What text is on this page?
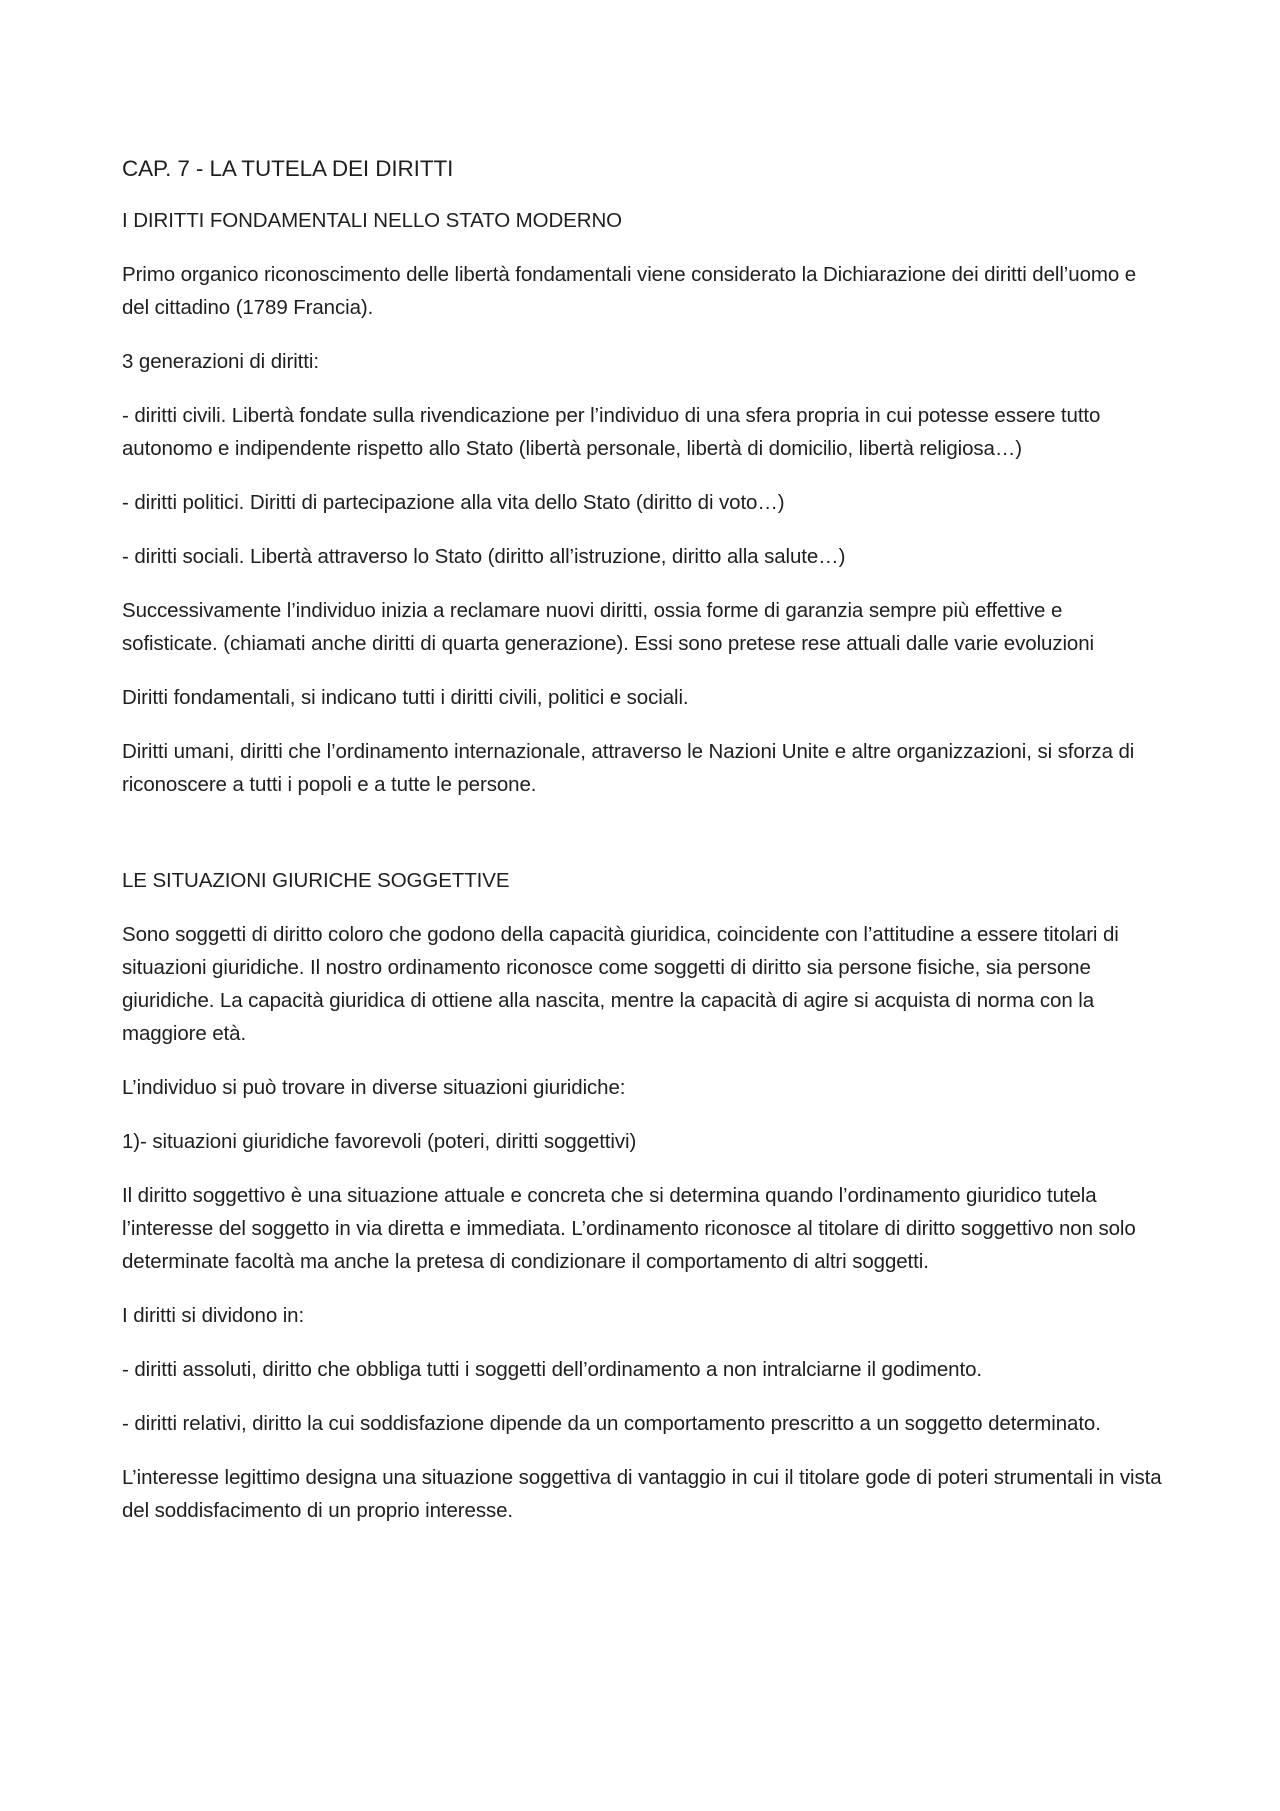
CAP. 7 - LA TUTELA DEI DIRITTI

I DIRITTI FONDAMENTALI NELLO STATO MODERNO

Primo organico riconoscimento delle libertà fondamentali viene considerato la Dichiarazione dei diritti dell’uomo e del cittadino (1789 Francia).

3 generazioni di diritti:

- diritti civili. Libertà fondate sulla rivendicazione per l’individuo di una sfera propria in cui potesse essere tutto autonomo e indipendente rispetto allo Stato (libertà personale, libertà di domicilio, libertà religiosa…)

- diritti politici. Diritti di partecipazione alla vita dello Stato (diritto di voto…)

- diritti sociali. Libertà attraverso lo Stato (diritto all’istruzione, diritto alla salute…)

Successivamente l’individuo inizia a reclamare nuovi diritti, ossia forme di garanzia sempre più effettive e sofisticate. (chiamati anche diritti di quarta generazione). Essi sono pretese rese attuali dalle varie evoluzioni

Diritti fondamentali, si indicano tutti i diritti civili, politici e sociali.

Diritti umani, diritti che l’ordinamento internazionale, attraverso le Nazioni Unite e altre organizzazioni, si sforza di riconoscere a tutti i popoli e a tutte le persone.

LE SITUAZIONI GIURICHE SOGGETTIVE

Sono soggetti di diritto coloro che godono della capacità giuridica, coincidente con l’attitudine a essere titolari di situazioni giuridiche. Il nostro ordinamento riconosce come soggetti di diritto sia persone fisiche, sia persone giuridiche. La capacità giuridica di ottiene alla nascita, mentre la capacità di agire si acquista di norma con la maggiore età.

L’individuo si può trovare in diverse situazioni giuridiche:

1)- situazioni giuridiche favorevoli (poteri, diritti soggettivi)

Il diritto soggettivo è una situazione attuale e concreta che si determina quando l’ordinamento giuridico tutela l’interesse del soggetto in via diretta e immediata. L’ordinamento riconosce al titolare di diritto soggettivo non solo determinate facoltà ma anche la pretesa di condizionare il comportamento di altri soggetti.

I diritti si dividono in:

- diritti assoluti, diritto che obbliga tutti i soggetti dell’ordinamento a non intralciarne il godimento.

- diritti relativi, diritto la cui soddisfazione dipende da un comportamento prescritto a un soggetto determinato.

L’interesse legittimo designa una situazione soggettiva di vantaggio in cui il titolare gode di poteri strumentali in vista del soddisfacimento di un proprio interesse.
